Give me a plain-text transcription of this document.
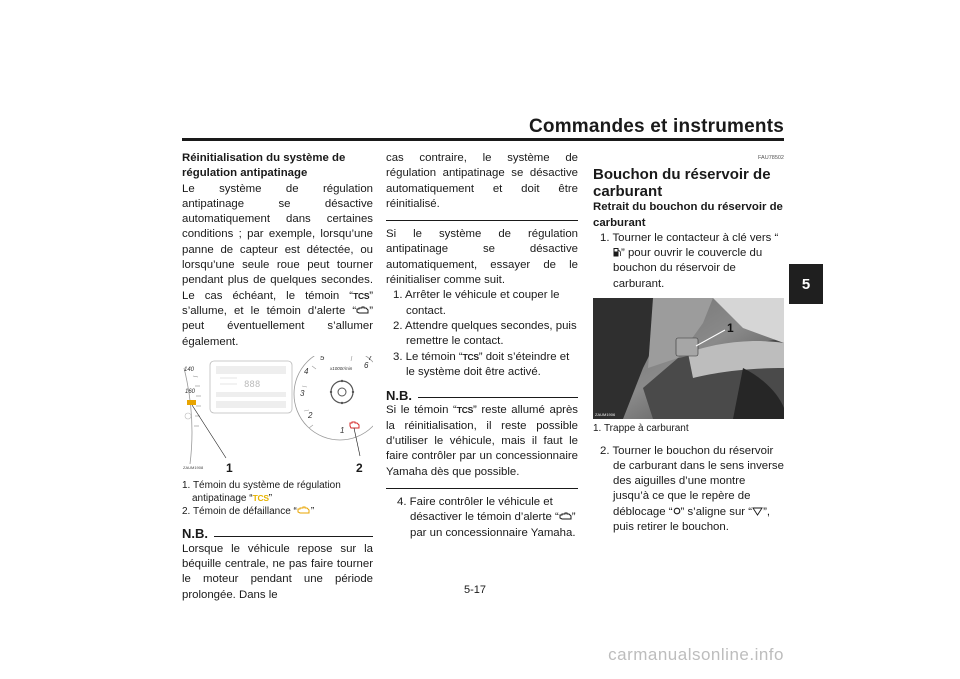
Commandes et instruments
5

Réinitialisation du système de régulation antipatinage

Le système de régulation antipatinage se désactive automatiquement dans certaines conditions ; par exemple, lorsqu’une panne de capteur est détectée, ou lorsqu’une seule roue peut tourner pendant plus de quelques secondes. Le cas échéant, le témoin “TCS” s’allume, et le témoin d’alerte “ ” peut éventuellement s’allumer également.

160
140
888
x1000r/min
1
2
3
4
5
6
7
1	2
ZAUM1908

1. Témoin du système de régulation antipatinage “TCS”

2. Témoin de défaillance “ ”

N.B.

Lorsque le véhicule repose sur la béquille centrale, ne pas faire tourner le moteur pendant une période prolongée. Dans le

cas contraire, le système de régulation antipatinage se désactive automatiquement et doit être réinitialisé.

Si le système de régulation antipatinage se désactive automatiquement, essayer de le réinitialiser comme suit.

1. Arrêter le véhicule et couper le contact.

2. Attendre quelques secondes, puis remettre le contact.

3. Le témoin “TCS” doit s’éteindre et le système doit être activé.

N.B.

Si le témoin “TCS” reste allumé après la réinitialisation, il reste possible d’utiliser le véhicule, mais il faut le faire contrôler par un concessionnaire Yamaha dès que possible.

4. Faire contrôler le véhicule et désactiver le témoin d’alerte “ ” par un concessionnaire Yamaha.

FAU78502

Bouchon du réservoir de carburant

Retrait du bouchon du réservoir de carburant

1. Tourner le contacteur à clé vers “” pour ouvrir le couvercle du bouchon du réservoir de carburant.

1
ZAUM1906

1. Trappe à carburant

2. Tourner le bouchon du réservoir de carburant dans le sens inverse des aiguilles d’une montre jusqu’à ce que le repère de déblocage “ ” s’aligne sur “ ”, puis retirer le bouchon.

5-17
carmanualsonline.info
